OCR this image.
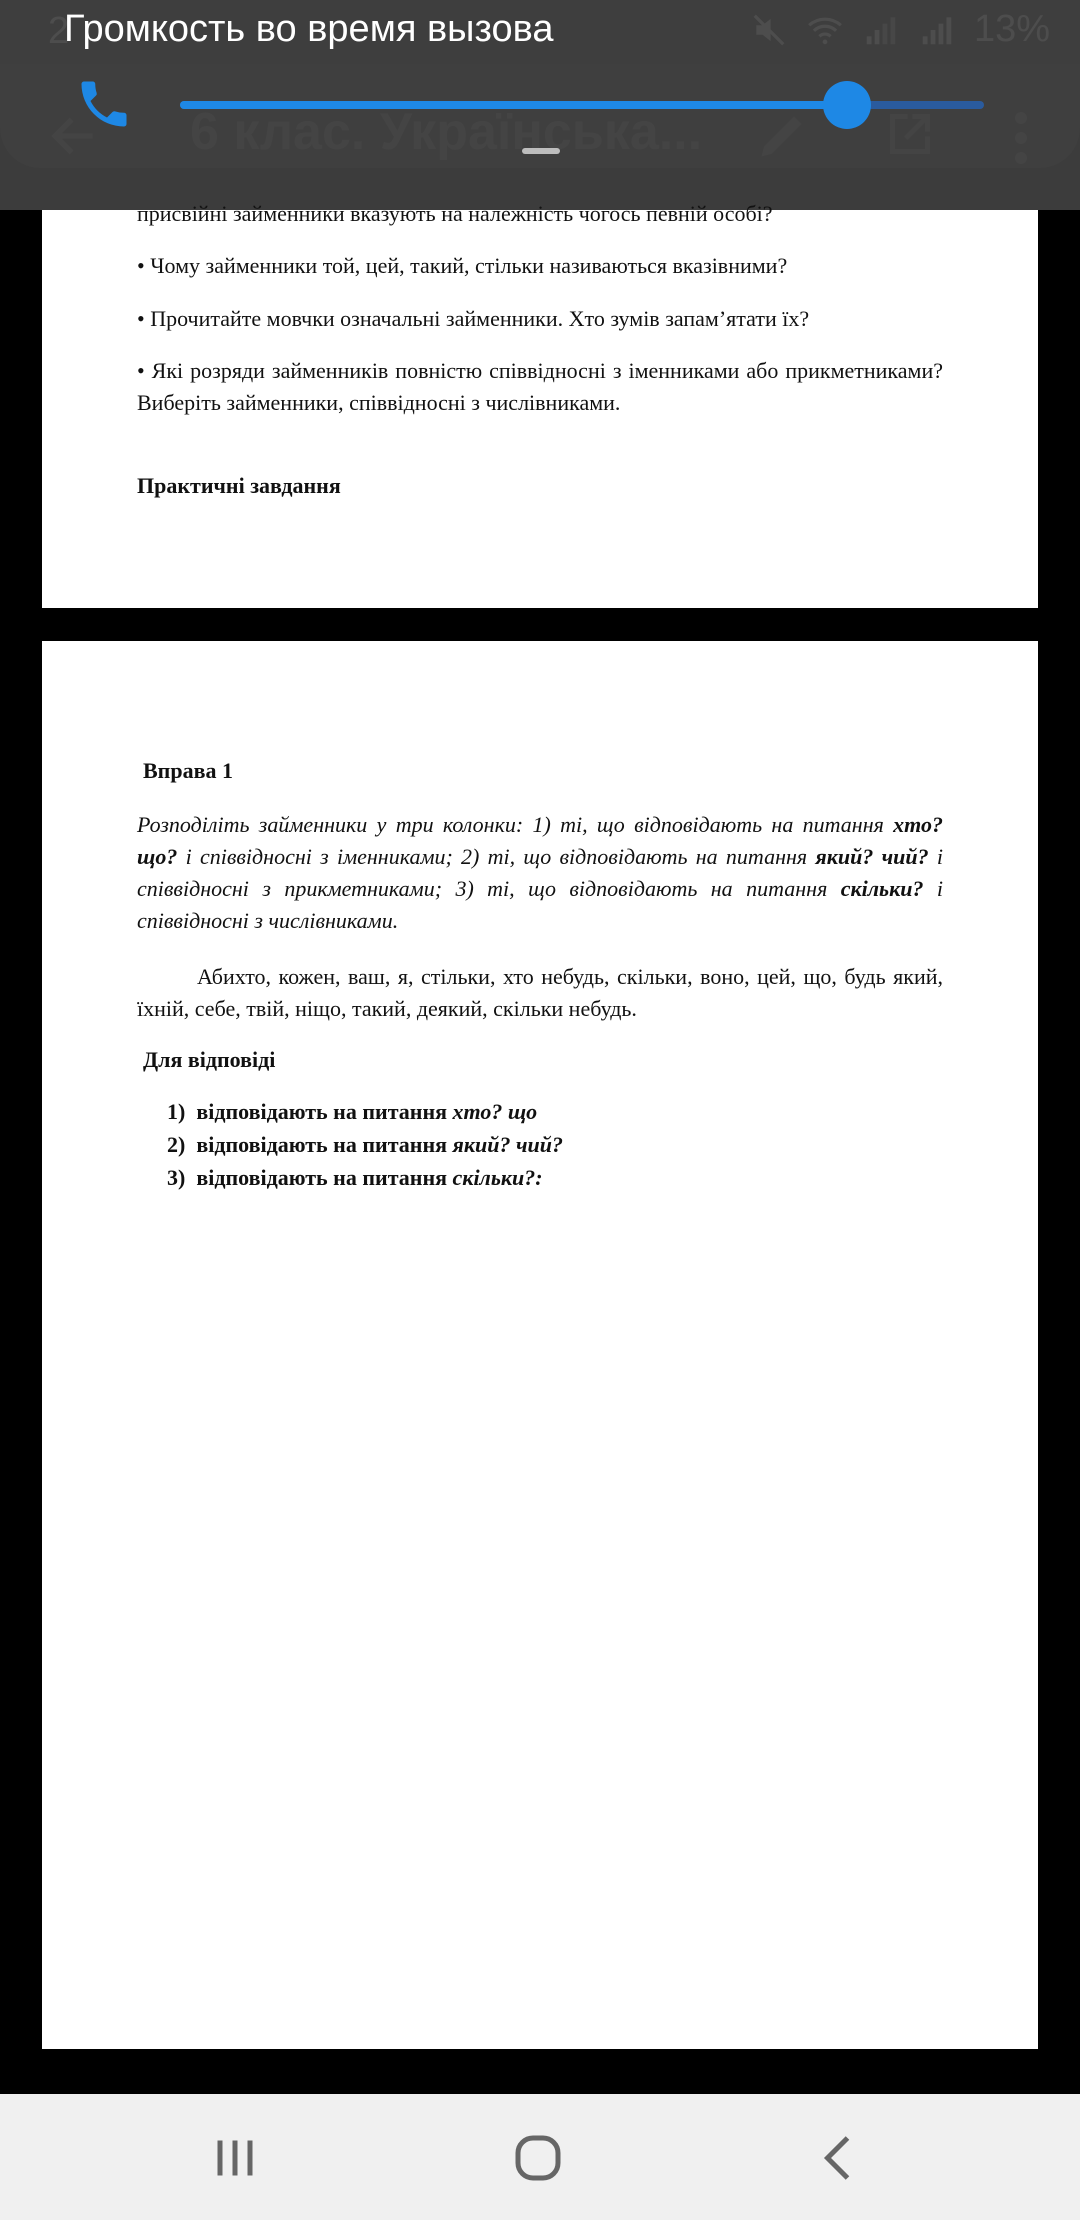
Громкость во время вызова
присвійні займенники вказують на належність чогось певній особі?
• Чому займенники той, цей, такий, стільки називаються вказівними?
• Прочитайте мовчки означальні займенники. Хто зумів запам’ятати їх?
• Які розряди займенників повністю співвідносні з іменниками або прикметниками? Виберіть займенники, співвідносні з числівниками.
Практичні завдання
Вправа 1
Розподіліть займенники у три колонки: 1) ті, що відповідають на питання хто? що? і співвідносні з іменниками; 2) ті, що відповідають на питання який? чий? і співвідносні з прикметниками; 3) ті, що відповідають на питання скільки? і співвідносні з числівниками.
Абихто, кожен, ваш, я, стільки, хто небудь, скільки, воно, цей, що, будь який, їхній, себе, твій, ніщо, такий, деякий, скільки небудь.
Для відповіді
1) відповідають на питання хто? що
2) відповідають на питання який? чий?
3) відповідають на питання скільки?:
